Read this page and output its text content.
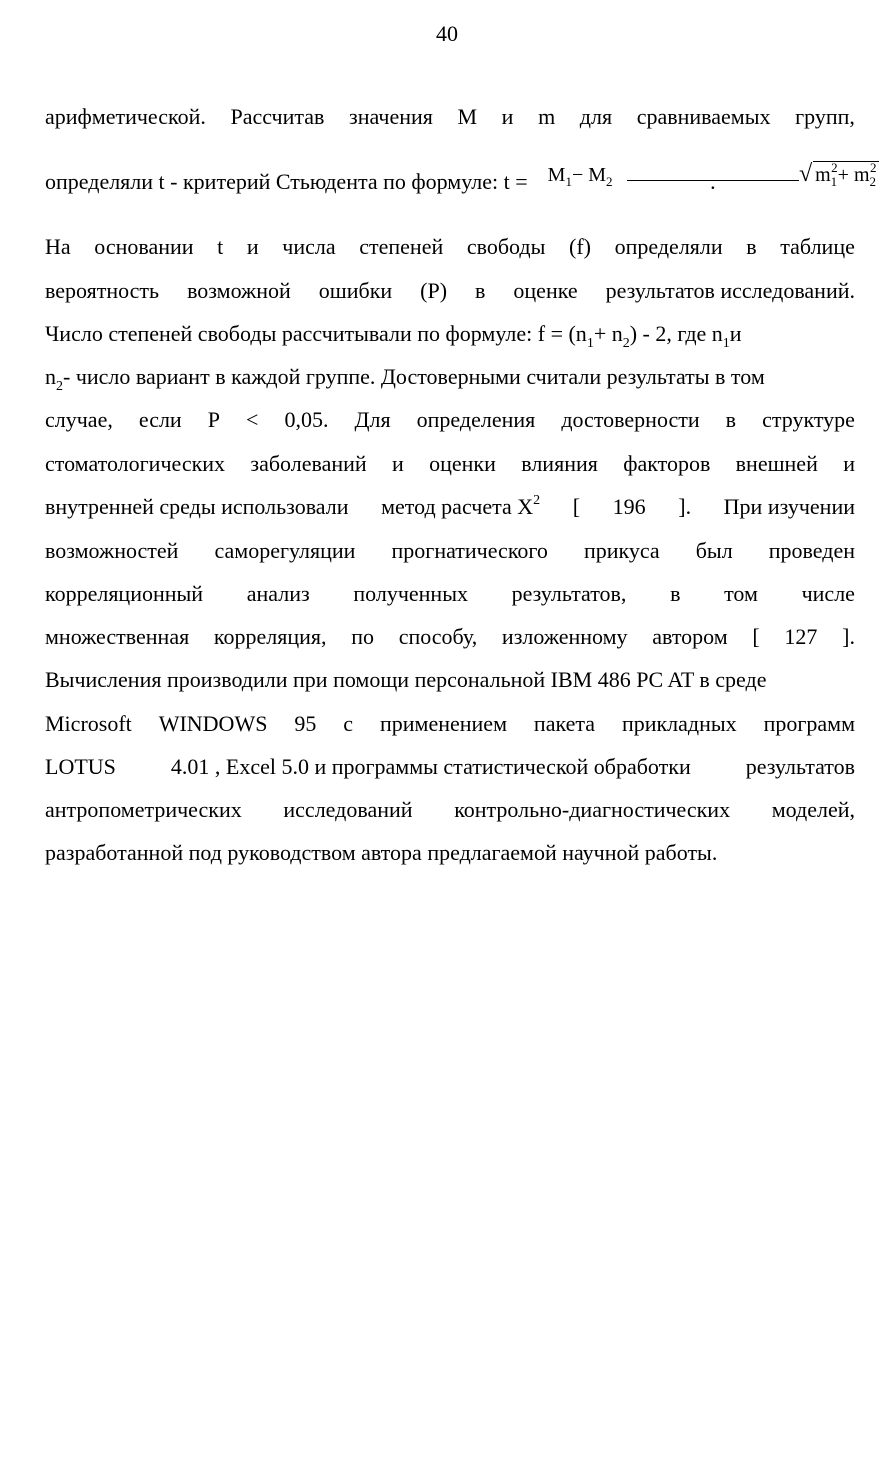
40
арифметической. Рассчитав значения М и m для сравниваемых групп,
определяли t - критерий Стьюдента по формуле: t =	M1− M2	√ m12+ m22
.
На основании t и числа степеней свободы (f) определяли в таблице
вероятность возможной ошибки (Р) в оценке результатов исследований.
Число степеней свободы рассчитывали по формуле: f = (n1+ n2) - 2, где n1и
n2- число вариант в каждой группе. Достоверными считали результаты в том
случае, если Р < 0,05. Для определения достоверности в структуре
стоматологических заболеваний и оценки влияния факторов внешней и
внутренней среды использовали метод расчета Х2 [ 196 ]. При изучении
возможностей саморегуляции прогнатического прикуса был проведен
корреляционный анализ полученных результатов, в том числе
множественная корреляция, по способу, изложенному автором [ 127 ].
Вычисления производили при помощи персональной IBM 486 PC AT в среде
Microsoft WINDOWS 95 с применением пакета прикладных программ
LOTUS 4.01 , Excel 5.0 и программы статистической обработки результатов
антропометрических исследований контрольно-диагностических моделей,
разработанной под руководством автора предлагаемой научной работы.
